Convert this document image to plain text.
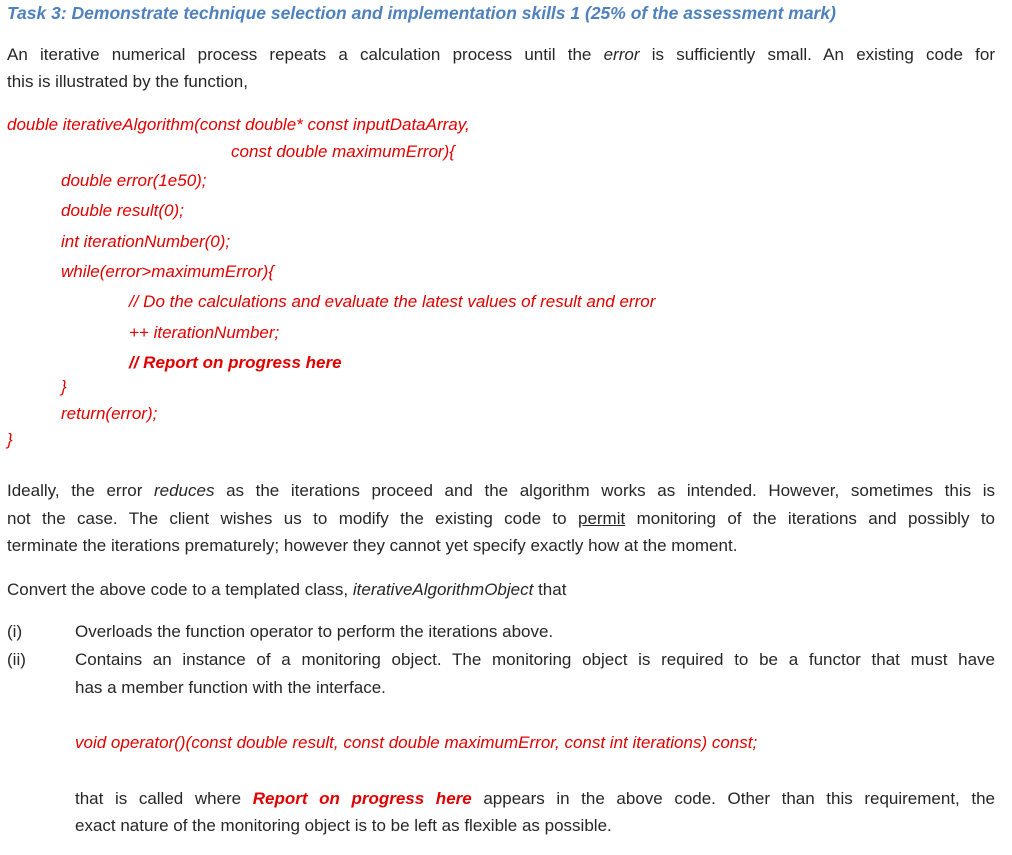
Task 3: Demonstrate technique selection and implementation skills 1 (25% of the assessment mark)
An iterative numerical process repeats a calculation process until the error is sufficiently small. An existing code for
this is illustrated by the function,
double iterativeAlgorithm(const double* const inputDataArray,
const double maximumError){
double error(1e50);
double result(0);
int iterationNumber(0);
while(error>maximumError){
// Do the calculations and evaluate the latest values of result and error
++ iterationNumber;
// Report on progress here
}
return(error);
}
Ideally, the error reduces as the iterations proceed and the algorithm works as intended. However, sometimes this is
not the case. The client wishes us to modify the existing code to permit monitoring of the iterations and possibly to
terminate the iterations prematurely; however they cannot yet specify exactly how at the moment.
Convert the above code to a templated class, iterativeAlgorithmObject that
(i)	Overloads the function operator to perform the iterations above.
(ii)	Contains an instance of a monitoring object. The monitoring object is required to be a functor that must have
has a member function with the interface.
void operator()(const double result, const double maximumError, const int iterations) const;
that is called where Report on progress here appears in the above code. Other than this requirement, the
exact nature of the monitoring object is to be left as flexible as possible.
